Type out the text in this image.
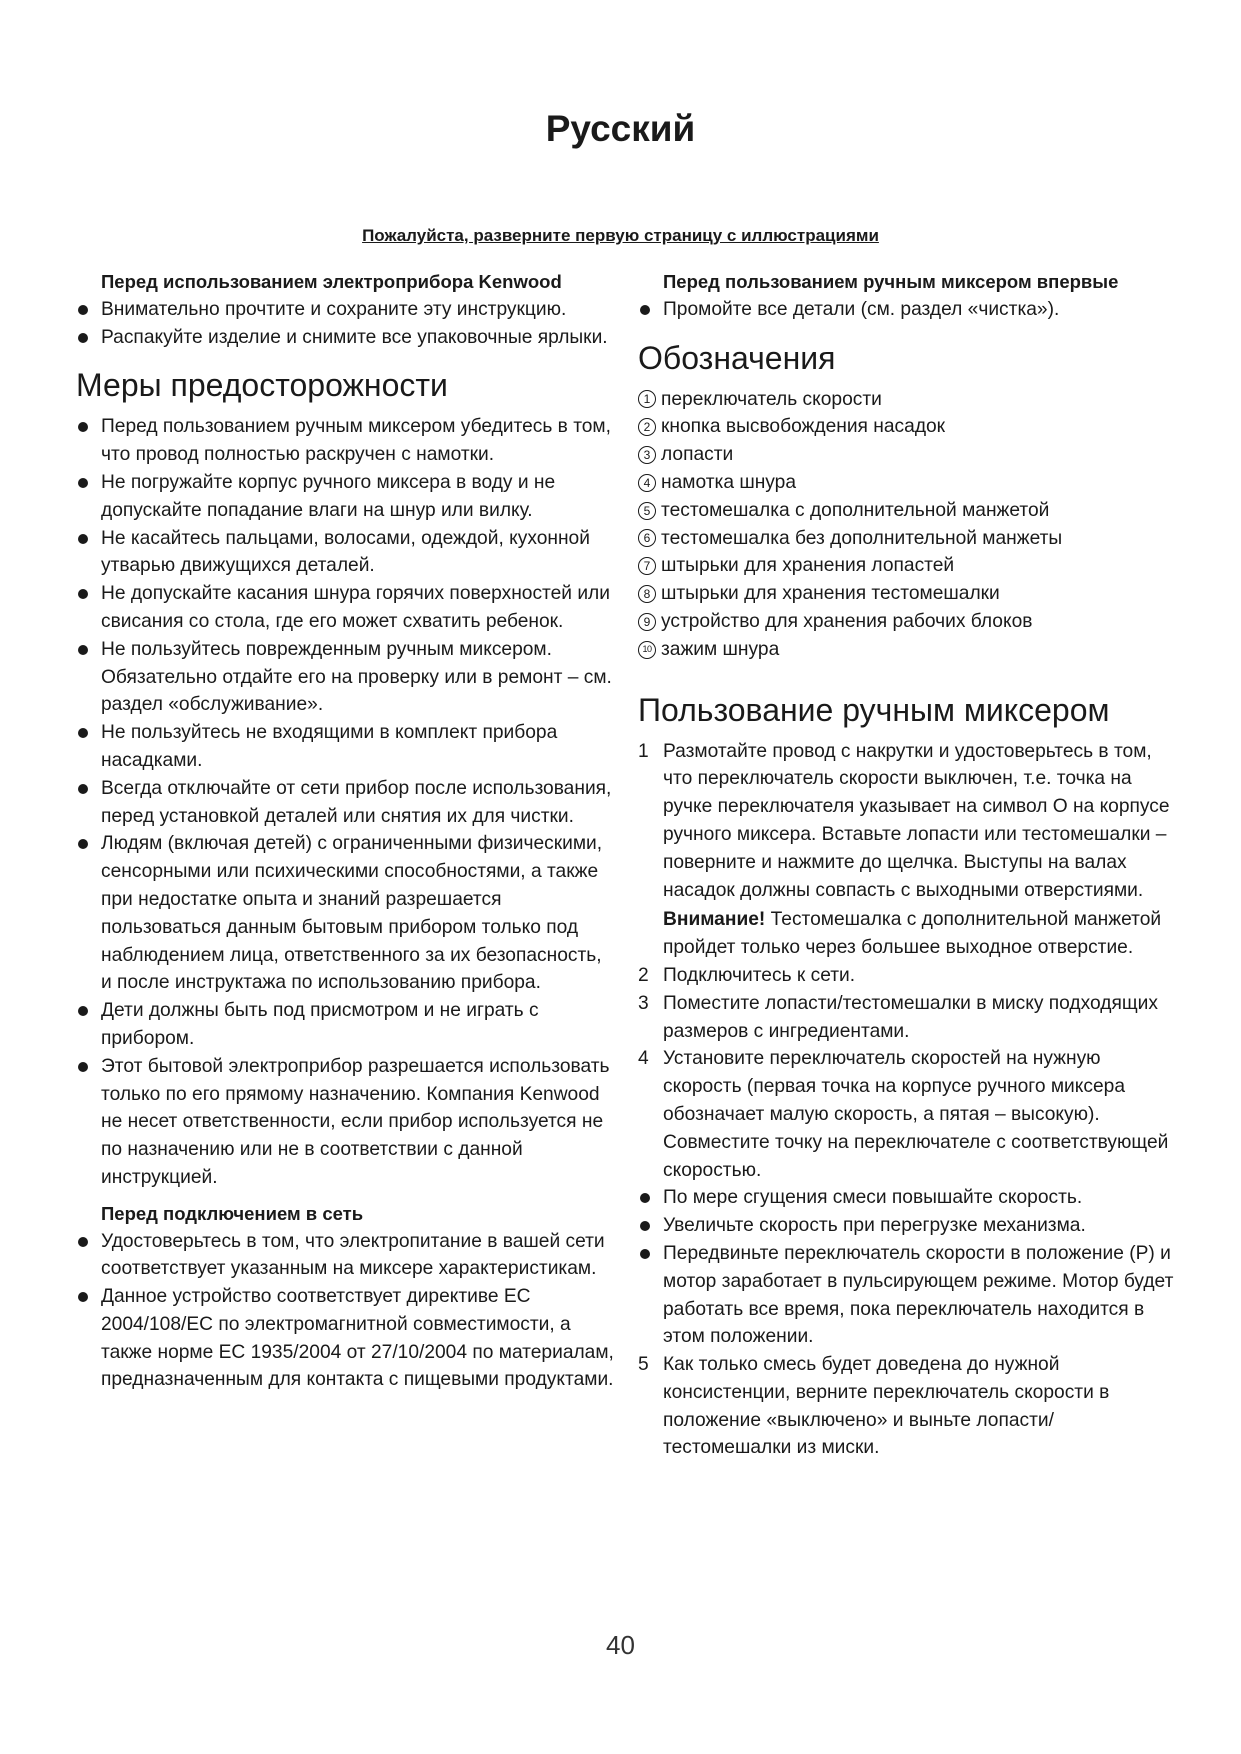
Русский
Пожалуйста, разверните первую страницу с иллюстрациями

Перед использованием электроприбора Kenwood

Внимательно прочтите и сохраните эту инструкцию.
Распакуйте изделие и снимите все упаковочные ярлыки.
Меры предосторожности
Перед пользованием ручным миксером убедитесь в том, что провод полностью раскручен с намотки.
Не погружайте корпус ручного миксера в воду и не допускайте попадание влаги на шнур или вилку.
Не касайтесь пальцами, волосами, одеждой, кухонной утварью движущихся деталей.
Не допускайте касания шнура горячих поверхностей или свисания со стола, где его может схватить ребенок.
Не пользуйтесь поврежденным ручным миксером. Обязательно отдайте его на проверку или в ремонт – см. раздел «обслуживание».
Не пользуйтесь не входящими в комплект прибора насадками.
Всегда отключайте от сети прибор после использования, перед установкой деталей или снятия их для чистки.
Людям (включая детей) с ограниченными физическими, сенсорными или психическими способностями, а также при недостатке опыта и знаний разрешается пользоваться данным бытовым прибором только под наблюдением лица, ответственного за их безопасность, и после инструктажа по использованию прибора.
Дети должны быть под присмотром и не играть с прибором.
Этот бытовой электроприбор разрешается использовать только по его прямому назначению. Компания Kenwood не несет ответственности, если прибор используется не по назначению или не в соответствии с данной инструкцией.

Перед подключением в сеть

Удостоверьтесь в том, что электропитание в вашей сети соответствует указанным на миксере характеристикам.
Данное устройство соответствует директиве ЕС 2004/108/EC по электромагнитной совместимости, а также норме ЕС 1935/2004 от 27/10/2004 по материалам, предназначенным для контакта с пищевыми продуктами.

Перед пользованием ручным миксером впервые

Промойте все детали (см. раздел «чистка»).
Обозначения
1 переключатель скорости
2 кнопка высвобождения насадок
3 лопасти
4 намотка шнура
5 тестомешалка с дополнительной манжетой
6 тестомешалка без дополнительной манжеты
7 штырьки для хранения лопастей
8 штырьки для хранения тестомешалки
9 устройство для хранения рабочих блоков
10 зажим шнура
Пользование ручным миксером
1 Размотайте провод с накрутки и удостоверьтесь в том, что переключатель скорости выключен, т.е. точка на ручке переключателя указывает на символ О на корпусе ручного миксера. Вставьте лопасти или тестомешалки – поверните и нажмите до щелчка. Выступы на валах насадок должны совпасть с выходными отверстиями.
Внимание! Тестомешалка с дополнительной манжетой пройдет только через большее выходное отверстие.
2 Подключитесь к сети.
3 Поместите лопасти/тестомешалки в миску подходящих размеров с ингредиентами.
4 Установите переключатель скоростей на нужную скорость (первая точка на корпусе ручного миксера обозначает малую скорость, а пятая – высокую). Совместите точку на переключателе с соответствующей скоростью.
По мере сгущения смеси повышайте скорость.
Увеличьте скорость при перегрузке механизма.
Передвиньте переключатель скорости в положение (Р) и мотор заработает в пульсирующем режиме. Мотор будет работать все время, пока переключатель находится в этом положении.
5 Как только смесь будет доведена до нужной консистенции, верните переключатель скорости в положение «выключено» и выньте лопасти/тестомешалки из миски.
40
